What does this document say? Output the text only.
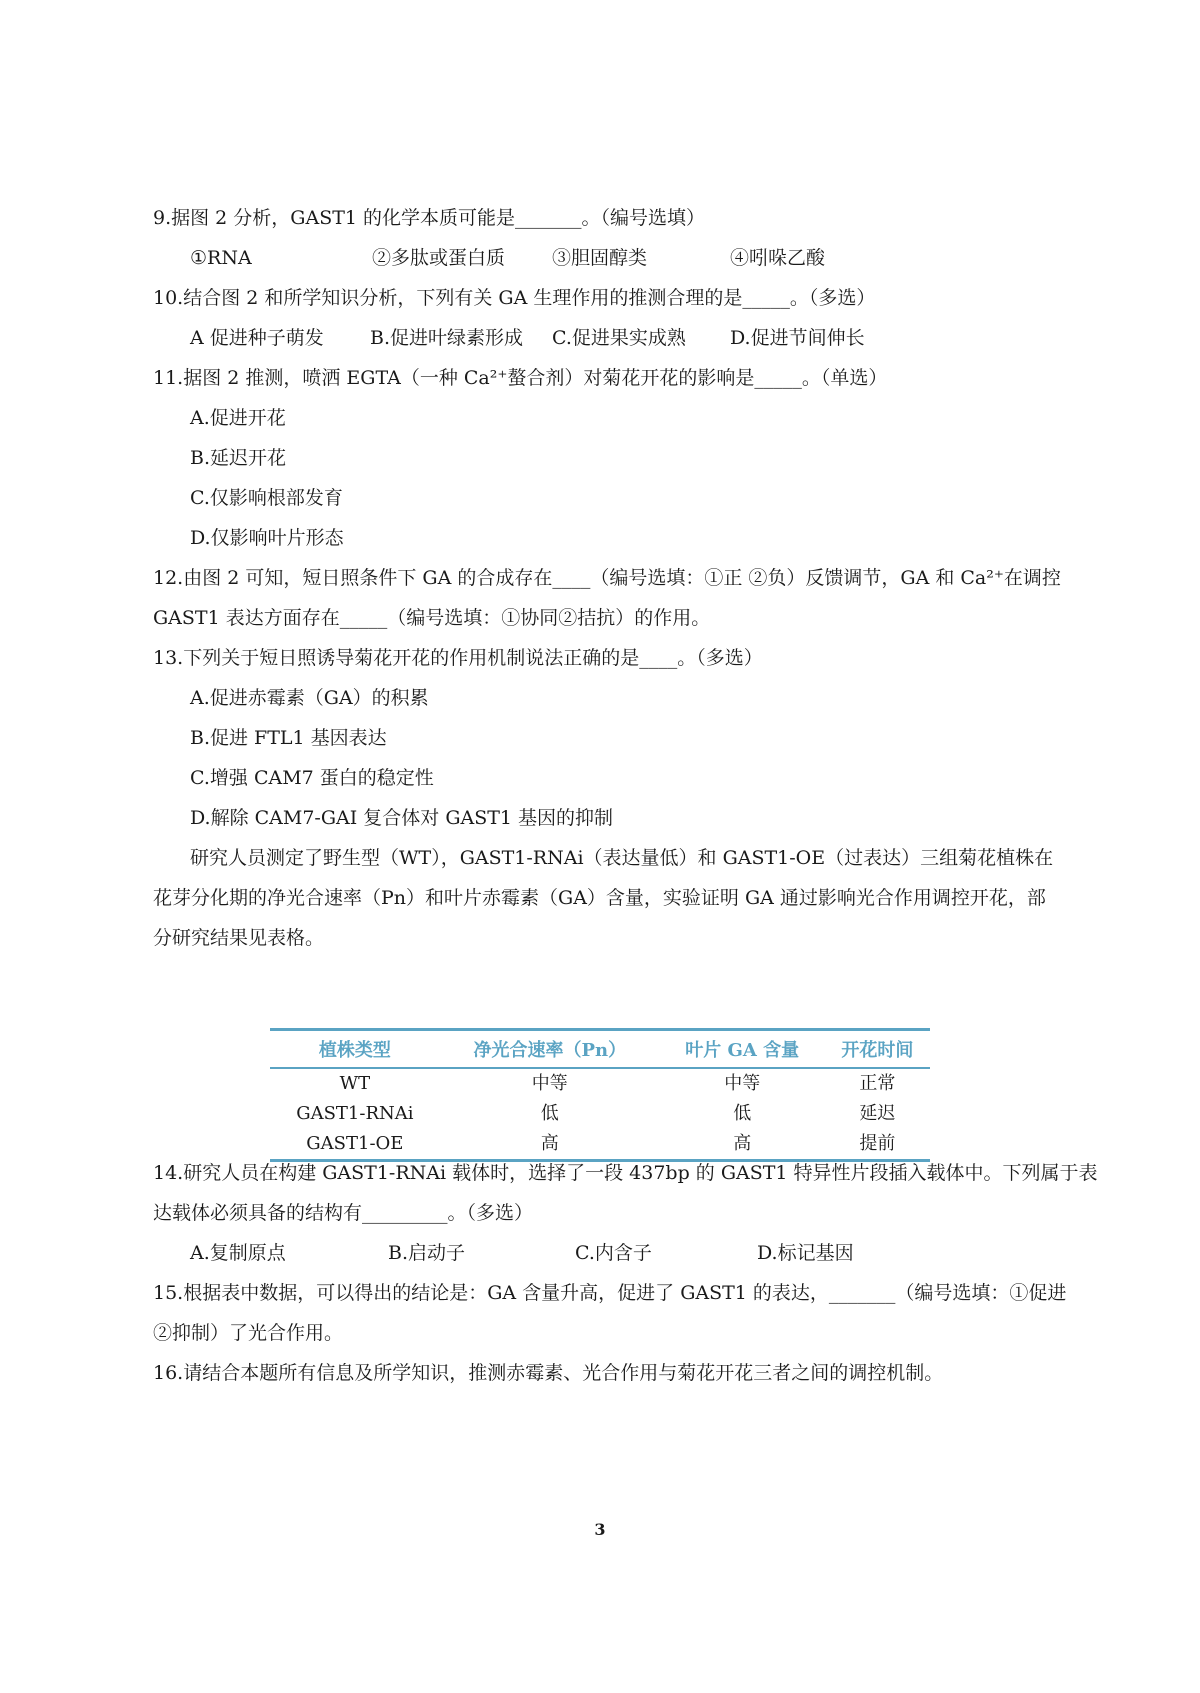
9.据图 2 分析，GAST1 的化学本质可能是_______。（编号选填）
①RNA	②多肽或蛋白质 ③胆固醇类	④吲哚乙酸
10.结合图 2 和所学知识分析，下列有关 GA 生理作用的推测合理的是_____。（多选）
A 促进种子萌发 B.促进叶绿素形成 C.促进果实成熟 D.促进节间伸长
11.据图 2 推测，喷洒 EGTA（一种 Ca²⁺螯合剂）对菊花开花的影响是_____。（单选）
A.促进开花
B.延迟开花
C.仅影响根部发育
D.仅影响叶片形态
12.由图 2 可知，短日照条件下 GA 的合成存在____（编号选填：①正 ②负）反馈调节，GA 和 Ca²⁺在调控
GAST1 表达方面存在_____（编号选填：①协同②拮抗）的作用。
13.下列关于短日照诱导菊花开花的作用机制说法正确的是____。（多选）
A.促进赤霉素（GA）的积累
B.促进 FTL1 基因表达
C.增强 CAM7 蛋白的稳定性
D.解除 CAM7-GAI 复合体对 GAST1 基因的抑制
研究人员测定了野生型（WT），GAST1-RNAi（表达量低）和 GAST1-OE（过表达）三组菊花植株在
花芽分化期的净光合速率（Pn）和叶片赤霉素（GA）含量，实验证明 GA 通过影响光合作用调控开花，部
分研究结果见表格。
植株类型	净光合速率（Pn）	叶片 GA 含量	开花时间
WT	中等	中等	正常
GAST1-RNAi	低	低	延迟
GAST1-OE	高	高	提前
14.研究人员在构建 GAST1-RNAi 载体时，选择了一段 437bp 的 GAST1 特异性片段插入载体中。下列属于表
达载体必须具备的结构有_________。（多选）
A.复制原点	B.启动子	C.内含子	D.标记基因
15.根据表中数据，可以得出的结论是：GA 含量升高，促进了 GAST1 的表达，_______（编号选填：①促进
②抑制）了光合作用。
16.请结合本题所有信息及所学知识，推测赤霉素、光合作用与菊花开花三者之间的调控机制。
3
